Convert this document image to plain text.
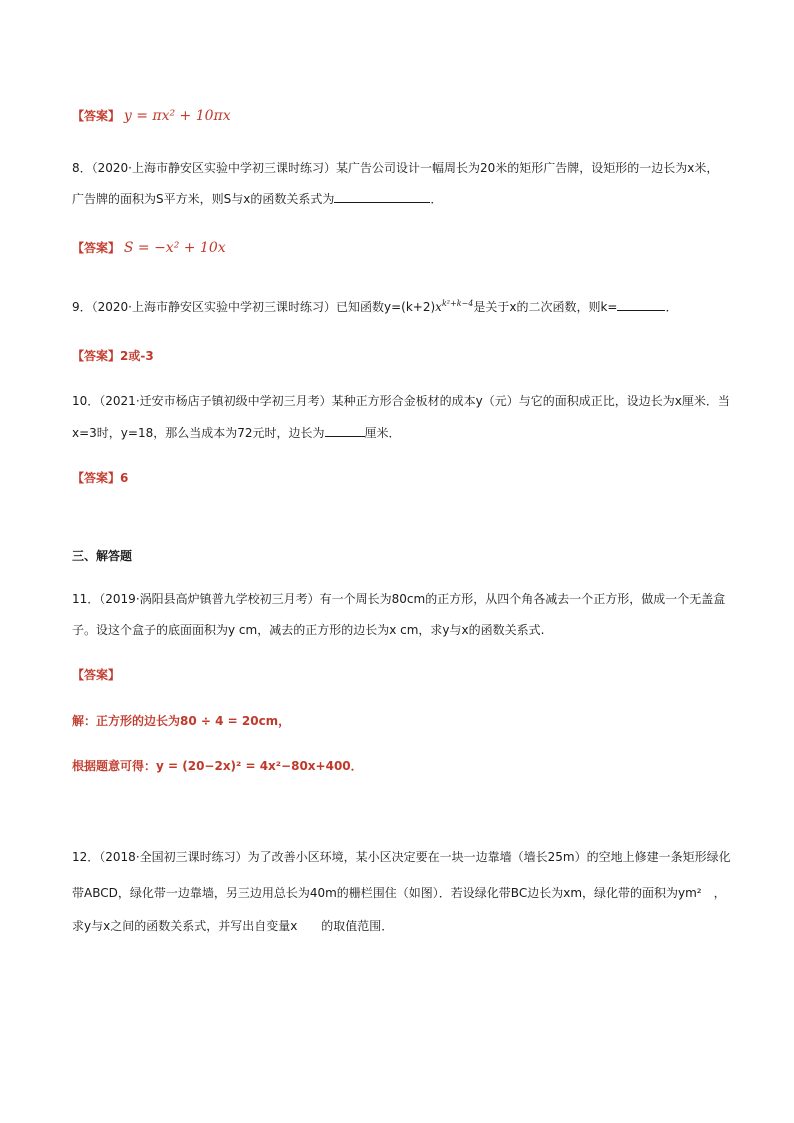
【答案】 y = πx² + 10πx
8．（2020·上海市静安区实验中学初三课时练习）某广告公司设计一幅周长为20米的矩形广告牌，设矩形的一边长为x米，
广告牌的面积为S平方米，则S与x的函数关系式为	．
【答案】 S = −x² + 10x
9．（2020·上海市静安区实验中学初三课时练习）已知函数$y=(k+2)x^{k^2+k-4}$是关于x的二次函数，则k=	．
【答案】2或-3
10．（2021·迁安市杨店子镇初级中学初三月考）某种正方形合金板材的成本y（元）与它的面积成正比，设边长为x厘米．当
x=3时，y=18，那么当成本为72元时，边长为	厘米．
【答案】6
三、解答题
11．（2019·涡阳县高炉镇普九学校初三月考）有一个周长为80cm的正方形，从四个角各减去一个正方形，做成一个无盖盒
子。设这个盒子的底面面积为y cm，减去的正方形的边长为x cm，求y与x的函数关系式.
【答案】
解：正方形的边长为80 ÷ 4 = 20cm，
根据题意可得：y = (20−2x)² = 4x²−80x+400．
12．（2018·全国初三课时练习）为了改善小区环境，某小区决定要在一块一边靠墙（墙长25m）的空地上修建一条矩形绿化
带ABCD，绿化带一边靠墙，另三边用总长为40m的栅栏围住（如图）．若设绿化带BC边长为xm，绿化带的面积为ym²　，
求y与x之间的函数关系式，并写出自变量x　　的取值范围．
